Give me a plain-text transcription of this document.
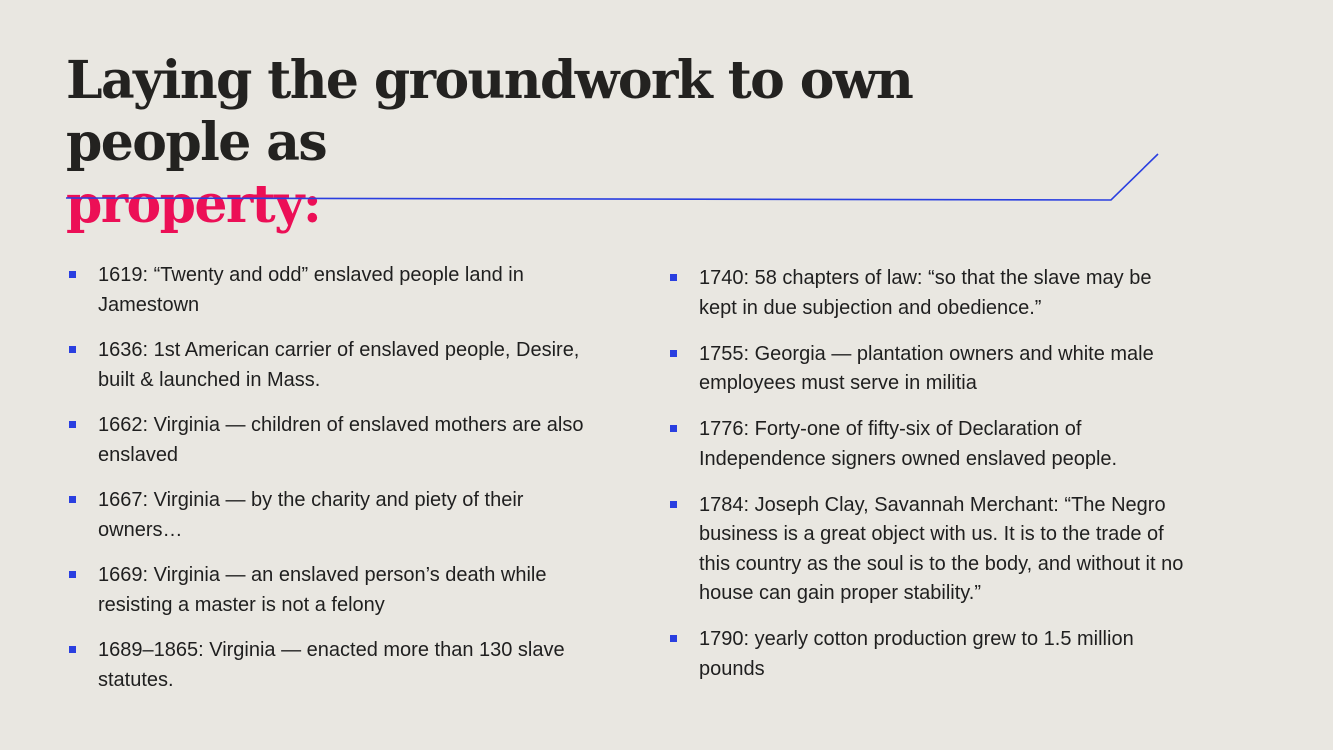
Laying the groundwork to own people as
property:
1619: “Twenty and odd” enslaved people land in Jamestown
1636: 1st American carrier of enslaved people, Desire, built & launched in Mass.
1662: Virginia — children of enslaved mothers are also enslaved
1667: Virginia — by the charity and piety of their owners…
1669: Virginia — an enslaved person’s death while resisting a master is not a felony
1689–1865: Virginia — enacted more than 130 slave statutes.
1740: 58 chapters of law: “so that the slave may be kept in due subjection and obedience.”
1755: Georgia — plantation owners and white male employees must serve in militia
1776: Forty-one of fifty-six of Declaration of Independence signers owned enslaved people.
1784: Joseph Clay, Savannah Merchant: “The Negro business is a great object with us. It is to the trade of this country as the soul is to the body, and without it no house can gain proper stability.”
1790: yearly cotton production grew to 1.5 million pounds
